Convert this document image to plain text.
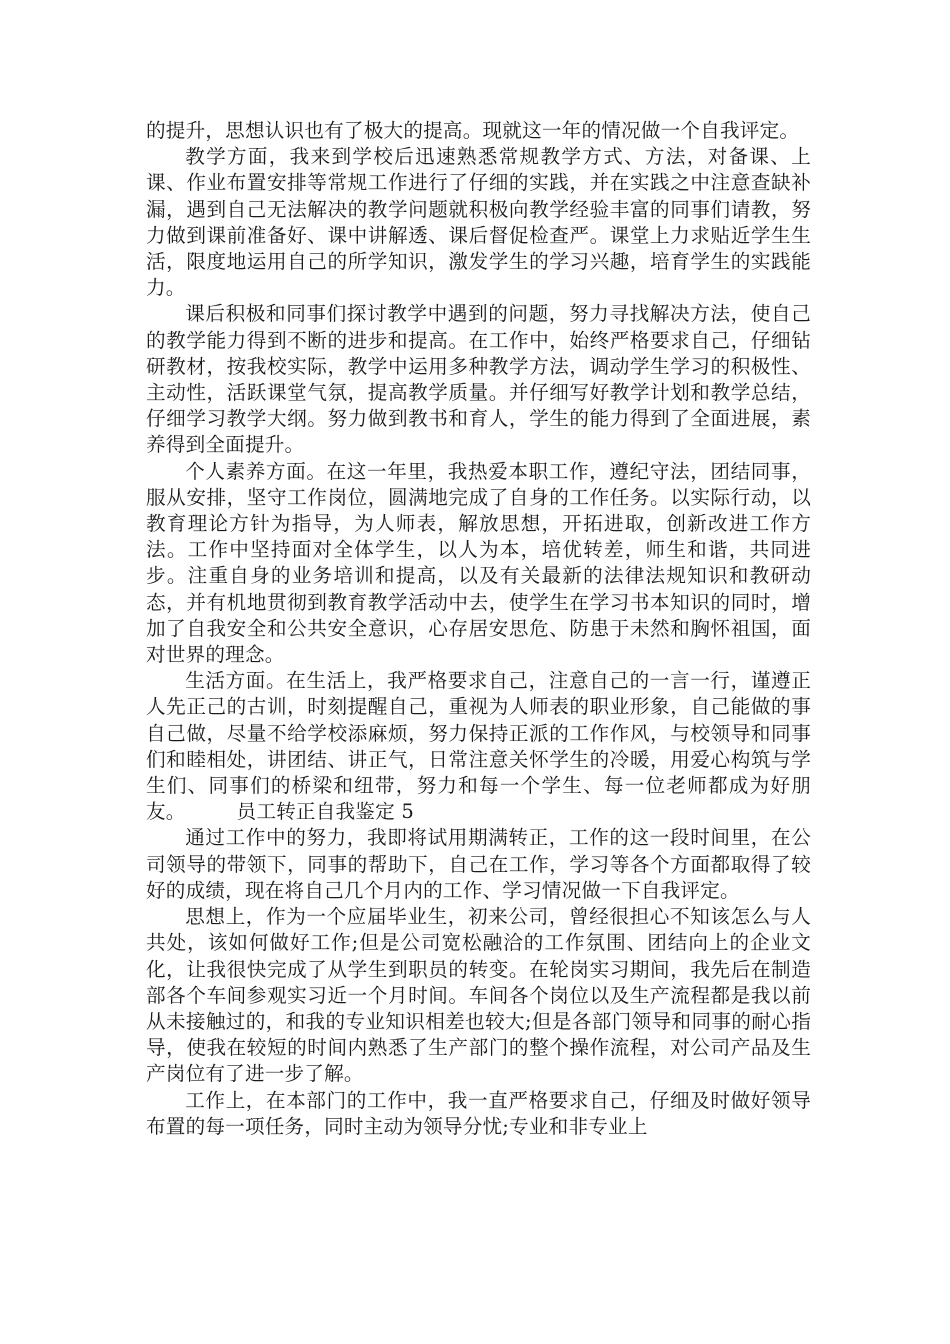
的提升，思想认识也有了极大的提高。现就这一年的情况做一个自我评定。

教学方面，我来到学校后迅速熟悉常规教学方式、方法，对备课、上课、作业布置安排等常规工作进行了仔细的实践，并在实践之中注意查缺补漏，遇到自己无法解决的教学问题就积极向教学经验丰富的同事们请教，努力做到课前准备好、课中讲解透、课后督促检查严。课堂上力求贴近学生生活，限度地运用自己的所学知识，激发学生的学习兴趣，培育学生的实践能力。

课后积极和同事们探讨教学中遇到的问题，努力寻找解决方法，使自己的教学能力得到不断的进步和提高。在工作中，始终严格要求自己，仔细钻研教材，按我校实际，教学中运用多种教学方法，调动学生学习的积极性、主动性，活跃课堂气氛，提高教学质量。并仔细写好教学计划和教学总结，仔细学习教学大纲。努力做到教书和育人，学生的能力得到了全面进展，素养得到全面提升。

个人素养方面。在这一年里，我热爱本职工作，遵纪守法，团结同事，服从安排，坚守工作岗位，圆满地完成了自身的工作任务。以实际行动，以教育理论方针为指导，为人师表，解放思想，开拓进取，创新改进工作方法。工作中坚持面对全体学生，以人为本，培优转差，师生和谐，共同进步。注重自身的业务培训和提高，以及有关最新的法律法规知识和教研动态，并有机地贯彻到教育教学活动中去，使学生在学习书本知识的同时，增加了自我安全和公共安全意识，心存居安思危、防患于未然和胸怀祖国，面对世界的理念。

生活方面。在生活上，我严格要求自己，注意自己的一言一行，谨遵正人先正己的古训，时刻提醒自己，重视为人师表的职业形象，自己能做的事自己做，尽量不给学校添麻烦，努力保持正派的工作作风，与校领导和同事们和睦相处，讲团结、讲正气，日常注意关怀学生的冷暖，用爱心构筑与学生们、同事们的桥梁和纽带，努力和每一个学生、每一位老师都成为好朋友。	员工转正自我鉴定 5

通过工作中的努力，我即将试用期满转正，工作的这一段时间里，在公司领导的带领下，同事的帮助下，自己在工作，学习等各个方面都取得了较好的成绩，现在将自己几个月内的工作、学习情况做一下自我评定。

思想上，作为一个应届毕业生，初来公司，曾经很担心不知该怎么与人共处，该如何做好工作;但是公司宽松融洽的工作氛围、团结向上的企业文化，让我很快完成了从学生到职员的转变。在轮岗实习期间，我先后在制造部各个车间参观实习近一个月时间。车间各个岗位以及生产流程都是我以前从未接触过的，和我的专业知识相差也较大;但是各部门领导和同事的耐心指导，使我在较短的时间内熟悉了生产部门的整个操作流程，对公司产品及生产岗位有了进一步了解。

工作上，在本部门的工作中，我一直严格要求自己，仔细及时做好领导布置的每一项任务，同时主动为领导分忧;专业和非专业上
